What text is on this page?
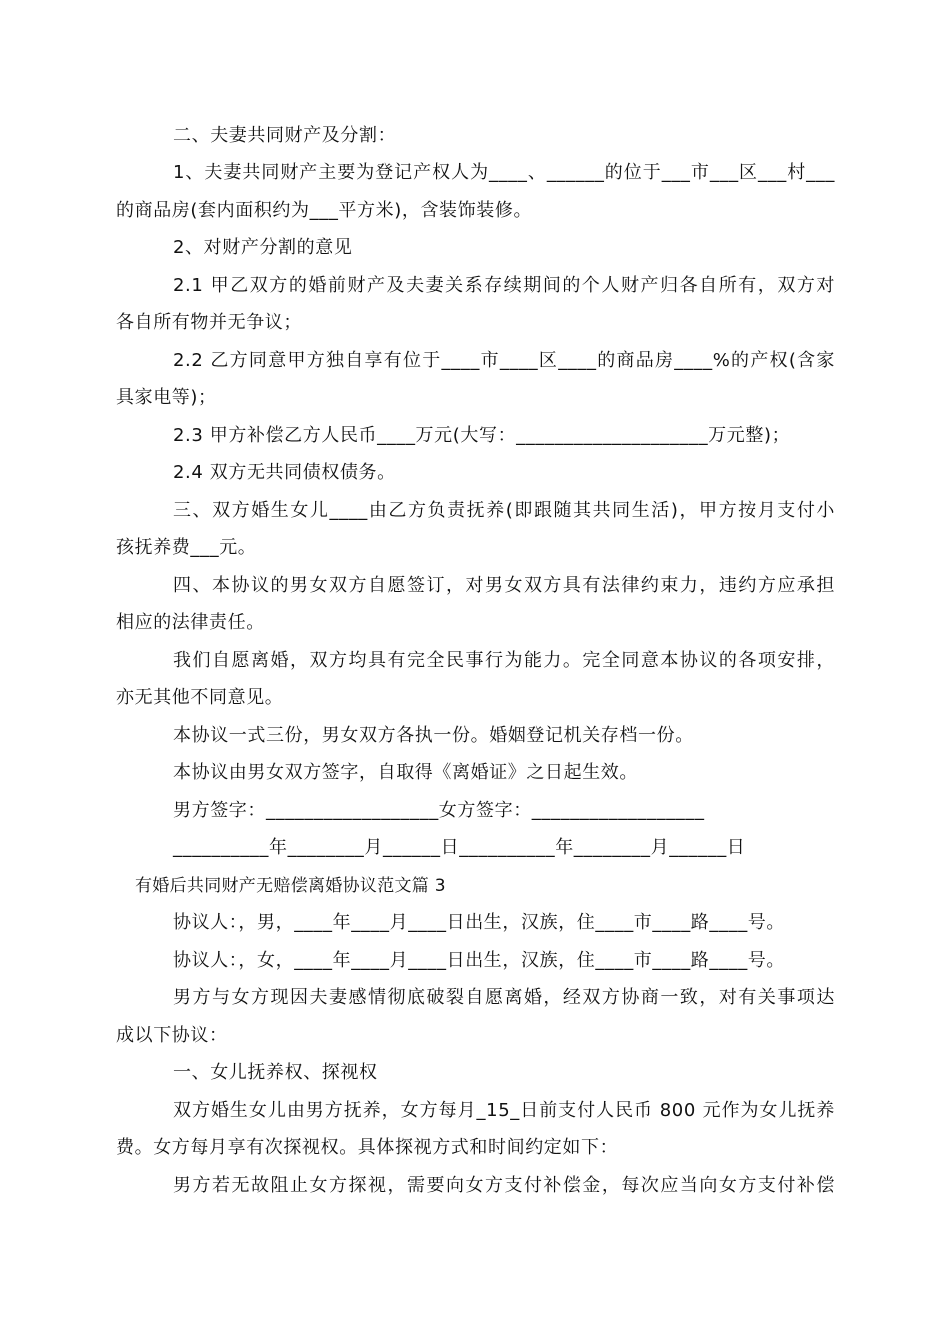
二、夫妻共同财产及分割：
1、夫妻共同财产主要为登记产权人为____、______的位于___市___区___村___
的商品房(套内面积约为___平方米)，含装饰装修。
2、对财产分割的意见
2.1 甲乙双方的婚前财产及夫妻关系存续期间的个人财产归各自所有，双方对
各自所有物并无争议；
2.2 乙方同意甲方独自享有位于____市____区____的商品房____%的产权(含家
具家电等)；
2.3 甲方补偿乙方人民币____万元(大写：____________________万元整)；
2.4 双方无共同债权债务。
三、双方婚生女儿____由乙方负责抚养(即跟随其共同生活)，甲方按月支付小
孩抚养费___元。
四、本协议的男女双方自愿签订，对男女双方具有法律约束力，违约方应承担
相应的法律责任。
我们自愿离婚，双方均具有完全民事行为能力。完全同意本协议的各项安排，
亦无其他不同意见。
本协议一式三份，男女双方各执一份。婚姻登记机关存档一份。
本协议由男女双方签字，自取得《离婚证》之日起生效。
男方签字：__________________女方签字：__________________
__________年________月______日__________年________月______日
有婚后共同财产无赔偿离婚协议范文篇 3
协议人：，男，____年____月____日出生，汉族，住____市____路____号。
协议人：，女，____年____月____日出生，汉族，住____市____路____号。
男方与女方现因夫妻感情彻底破裂自愿离婚，经双方协商一致，对有关事项达
成以下协议：
一、女儿抚养权、探视权
双方婚生女儿由男方抚养，女方每月_15_日前支付人民币 800 元作为女儿抚养
费。女方每月享有次探视权。具体探视方式和时间约定如下：
男方若无故阻止女方探视，需要向女方支付补偿金，每次应当向女方支付补偿
